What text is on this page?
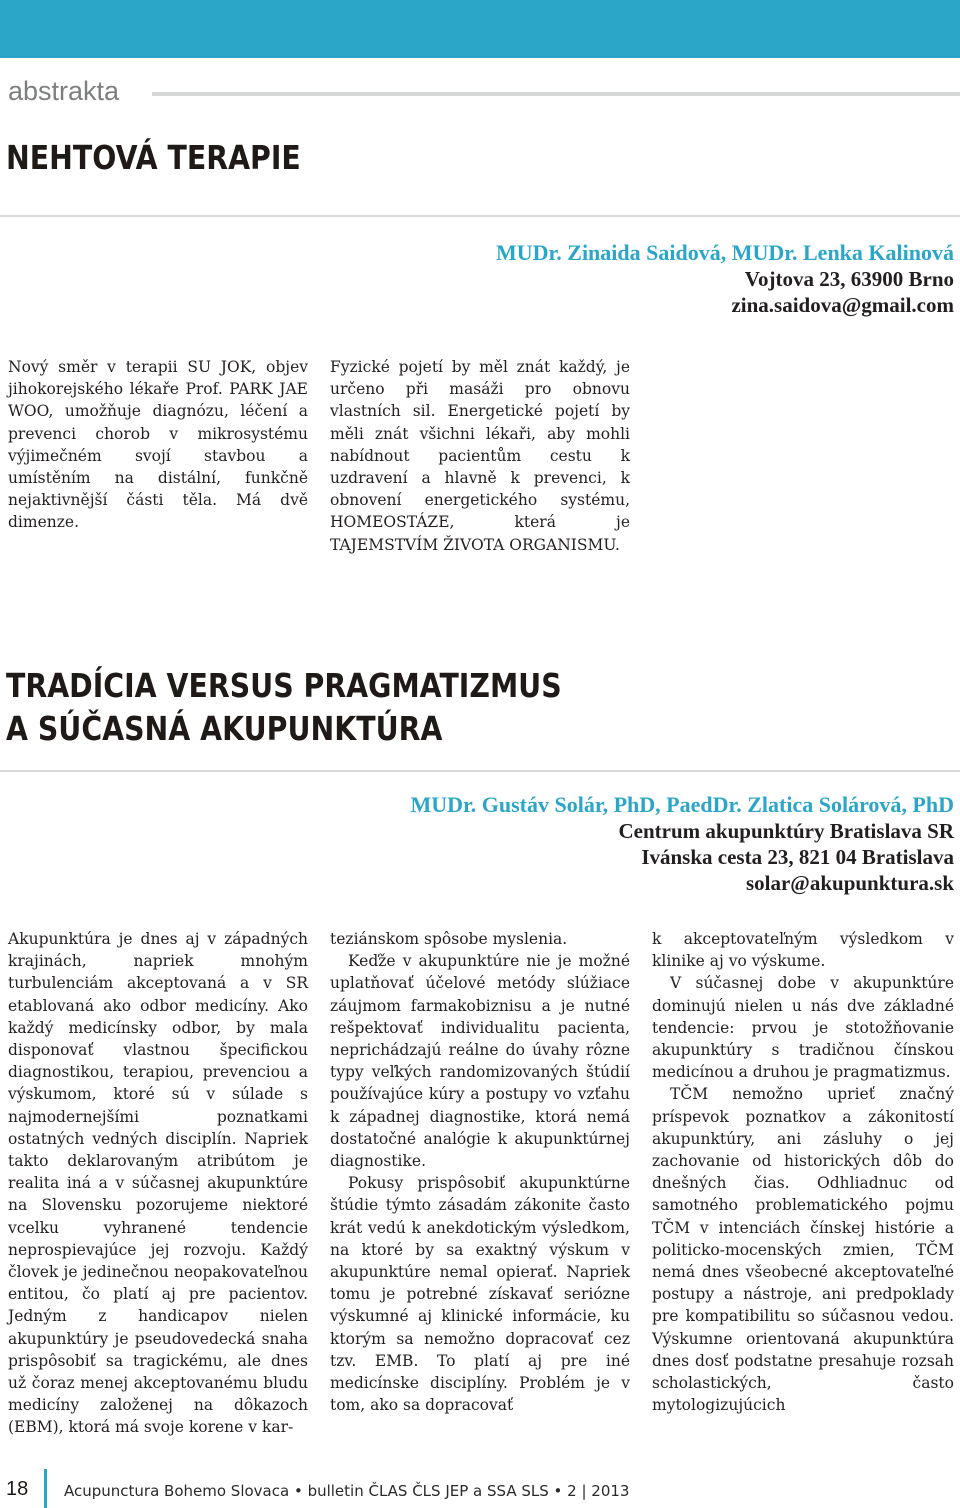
abstrakta
NEHTOVÁ TERAPIE
MUDr. Zinaida Saidová, MUDr. Lenka Kalinová
Vojtova 23, 63900 Brno
zina.saidova@gmail.com

Nový směr v terapii SU JOK, objev jihokorejského lékaře Prof. PARK JAE WOO, umožňuje diagnózu, léčení a prevenci chorob v mikrosystému výjimečném svojí stavbou a umístěním na distální, funkčně nejaktivnější části těla. Má dvě dimenze.

Fyzické pojetí by měl znát každý, je určeno při masáži pro obnovu vlastních sil. Energetické pojetí by měli znát všichni lékaři, aby mohli nabídnout pacientům cestu k uzdravení a hlavně k prevenci, k obnovení energetického systému, HOMEOSTÁZE, která je TAJEMSTVÍM ŽIVOTA ORGANISMU.

TRADÍCIA VERSUS PRAGMATIZMUS
A SÚČASNÁ AKUPUNKTÚRA
MUDr. Gustáv Solár, PhD, PaedDr. Zlatica Solárová, PhD
Centrum akupunktúry Bratislava SR
Ivánska cesta 23, 821 04 Bratislava
solar@akupunktura.sk

Akupunktúra je dnes aj v západných krajinách, napriek mnohým turbulenciám akceptovaná a v SR etablovaná ako odbor medicíny. Ako každý medicínsky odbor, by mala disponovať vlastnou špecifickou diagnostikou, terapiou, prevenciou a výskumom, ktoré sú v súlade s najmodernejšími poznatkami ostatných vedných disciplín. Napriek takto deklarovaným atribútom je realita iná a v súčasnej akupunktúre na Slovensku pozorujeme niektoré vcelku vyhranené tendencie neprospievajúce jej rozvoju. Každý človek je jedinečnou neopakovateľnou entitou, čo platí aj pre pacientov. Jedným z handicapov nielen akupunktúry je pseudovedecká snaha prispôsobiť sa tragickému, ale dnes už čoraz menej akceptovanému bludu medicíny založenej na dôkazoch (EBM), ktorá má svoje korene v kar-

teziánskom spôsobe myslenia.

Keďže v akupunktúre nie je možné uplatňovať účelové metódy slúžiace záujmom farmakobiznisu a je nutné rešpektovať individualitu pacienta, neprichádzajú reálne do úvahy rôzne typy veľkých randomizovaných štúdií používajúce kúry a postupy vo vzťahu k západnej diagnostike, ktorá nemá dostatočné analógie k akupunktúrnej diagnostike.

Pokusy prispôsobiť akupunktúrne štúdie týmto zásadám zákonite často krát vedú k anekdotickým výsledkom, na ktoré by sa exaktný výskum v akupunktúre nemal opierať. Napriek tomu je potrebné získavať seriózne výskumné aj klinické informácie, ku ktorým sa nemožno dopracovať cez tzv. EMB. To platí aj pre iné medicínske disciplíny. Problém je v tom, ako sa dopracovať

k akceptovateľným výsledkom v klinike aj vo výskume.

V súčasnej dobe v akupunktúre dominujú nielen u nás dve základné tendencie: prvou je stotožňovanie akupunktúry s tradičnou čínskou medicínou a druhou je pragmatizmus.

TČM nemožno uprieť značný príspevok poznatkov a zákonitostí akupunktúry, ani zásluhy o jej zachovanie od historických dôb do dnešných čias. Odhliadnuc od samotného problematického pojmu TČM v intenciách čínskej histórie a politicko-mocenských zmien, TČM nemá dnes všeobecné akceptovateľné postupy a nástroje, ani predpoklady pre kompatibilitu so súčasnou vedou. Výskumne orientovaná akupunktúra dnes dosť podstatne presahuje rozsah scholastických, často mytologizujúcich

18 Acupunctura Bohemo Slovaca • bulletin ČLAS ČLS JEP a SSA SLS • 2 | 2013
